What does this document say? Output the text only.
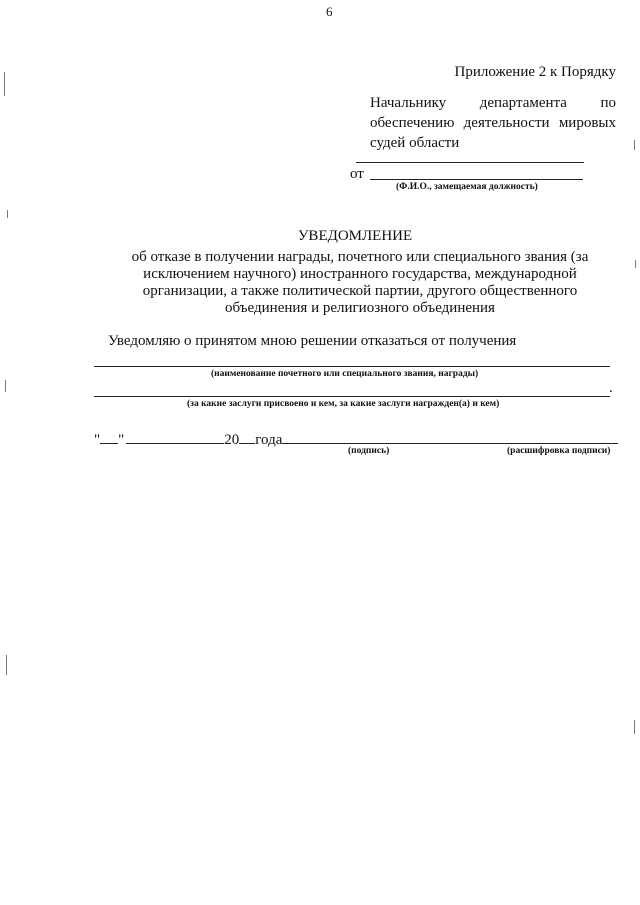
6
Приложение 2 к Порядку
Начальнику департамента по
обеспечению деятельности мировых
судей области
от
(Ф.И.О., замещаемая должность)
УВЕДОМЛЕНИЕ
об отказе в получении награды, почетного или специального звания (за
исключением научного) иностранного государства, международной
организации, а также политической партии, другого общественного
объединения и религиозного объединения
Уведомляю о принятом мною решении отказаться от получения
(наименование почетного или специального звания, награды)
.
(за какие заслуги присвоено и кем, за какие заслуги награжден(а) и кем)
" "	20 года
(подпись)	(расшифровка подписи)
